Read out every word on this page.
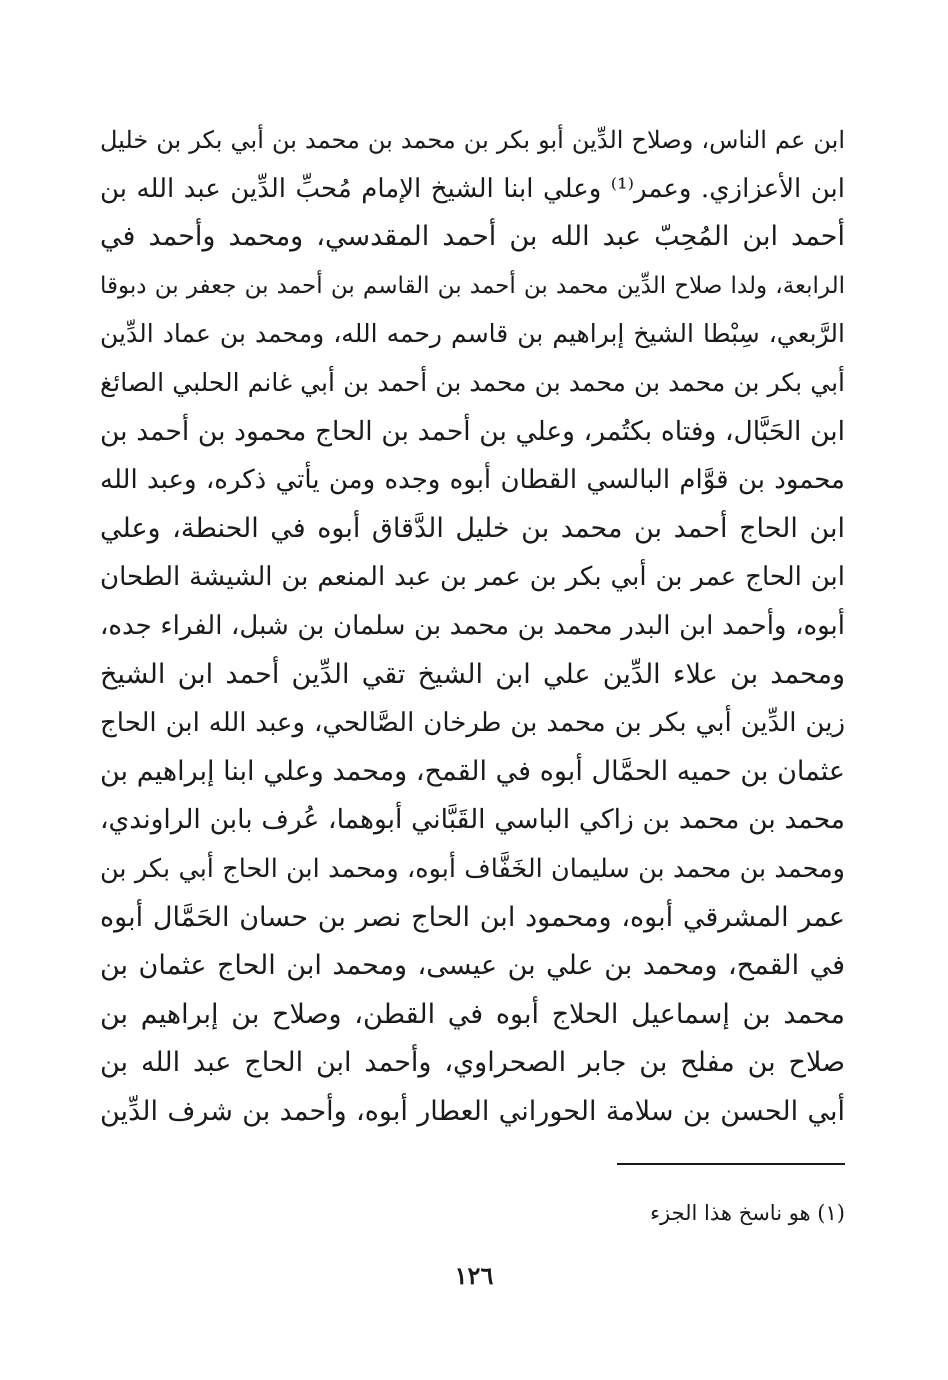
ابن عم الناس، وصلاح الدِّين أبو بكر بن محمد بن محمد بن أبي بكر بن خليل
ابن الأعزازي. وعمر⁽¹⁾ وعلي ابنا الشيخ الإمام مُحبِّ الدِّين عبد الله بن
أحمد ابن المُحِبّ عبد الله بن أحمد المقدسي، ومحمد وأحمد في
الرابعة، ولدا صلاح الدِّين محمد بن أحمد بن القاسم بن أحمد بن جعفر بن دبوقا
الرَّبعي، سِبْطا الشيخ إبراهيم بن قاسم رحمه الله، ومحمد بن عماد الدِّين
أبي بكر بن محمد بن محمد بن محمد بن أحمد بن أبي غانم الحلبي الصائغ
ابن الحَبَّال، وفتاه بكتُمر، وعلي بن أحمد بن الحاج محمود بن أحمد بن
محمود بن قوَّام البالسي القطان أبوه وجده ومن يأتي ذكره، وعبد الله
ابن الحاج أحمد بن محمد بن خليل الدَّقاق أبوه في الحنطة، وعلي
ابن الحاج عمر بن أبي بكر بن عمر بن عبد المنعم بن الشيشة الطحان
أبوه، وأحمد ابن البدر محمد بن محمد بن سلمان بن شبل، الفراء جده،
ومحمد بن علاء الدِّين علي ابن الشيخ تقي الدِّين أحمد ابن الشيخ
زين الدِّين أبي بكر بن محمد بن طرخان الصَّالحي، وعبد الله ابن الحاج
عثمان بن حميه الحمَّال أبوه في القمح، ومحمد وعلي ابنا إبراهيم بن
محمد بن محمد بن زاكي الباسي القَبَّاني أبوهما، عُرف بابن الراوندي،
ومحمد بن محمد بن سليمان الخَفَّاف أبوه، ومحمد ابن الحاج أبي بكر بن
عمر المشرقي أبوه، ومحمود ابن الحاج نصر بن حسان الحَمَّال أبوه
في القمح، ومحمد بن علي بن عيسى، ومحمد ابن الحاج عثمان بن
محمد بن إسماعيل الحلاج أبوه في القطن، وصلاح بن إبراهيم بن
صلاح بن مفلح بن جابر الصحراوي، وأحمد ابن الحاج عبد الله بن
أبي الحسن بن سلامة الحوراني العطار أبوه، وأحمد بن شرف الدِّين
(١) هو ناسخ هذا الجزء
١٢٦
